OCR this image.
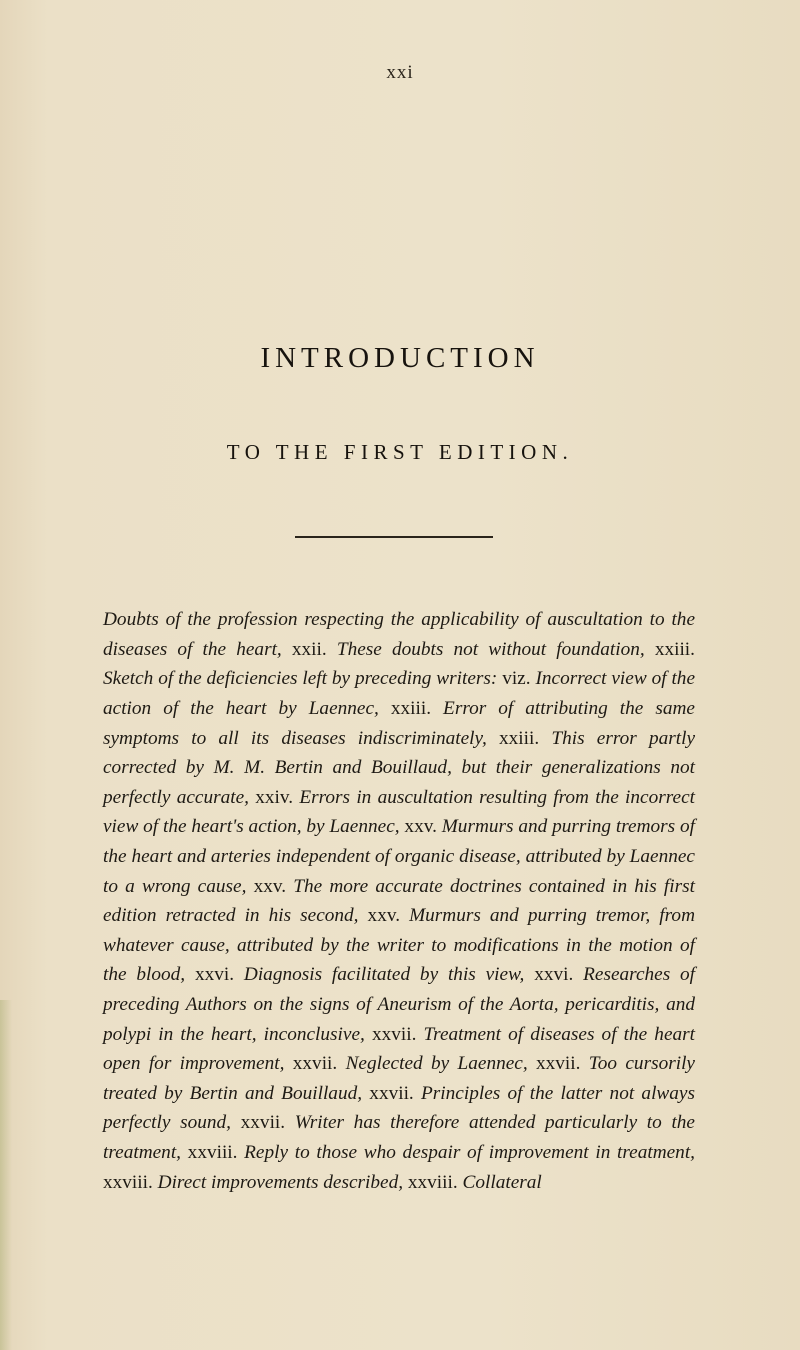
xxi
INTRODUCTION
TO THE FIRST EDITION.

Doubts of the profession respecting the applicability of auscultation to the diseases of the heart, xxii. These doubts not without foundation, xxiii. Sketch of the deficiencies left by preceding writers: viz. Incorrect view of the action of the heart by Laennec, xxiii. Error of attributing the same symptoms to all its diseases indiscriminately, xxiii. This error partly corrected by M. M. Bertin and Bouillaud, but their generalizations not perfectly accurate, xxiv. Errors in auscultation resulting from the incorrect view of the heart's action, by Laennec, xxv. Murmurs and purring tremors of the heart and arteries independent of organic disease, attributed by Laennec to a wrong cause, xxv. The more accurate doctrines contained in his first edition retracted in his second, xxv. Murmurs and purring tremor, from whatever cause, attributed by the writer to modifications in the motion of the blood, xxvi. Diagnosis facilitated by this view, xxvi. Researches of preceding Authors on the signs of Aneurism of the Aorta, pericarditis, and polypi in the heart, inconclusive, xxvii. Treatment of diseases of the heart open for improvement, xxvii. Neglected by Laennec, xxvii. Too cursorily treated by Bertin and Bouillaud, xxvii. Principles of the latter not always perfectly sound, xxvii. Writer has therefore attended particularly to the treatment, xxviii. Reply to those who despair of improvement in treatment, xxviii. Direct improvements described, xxviii. Collateral
